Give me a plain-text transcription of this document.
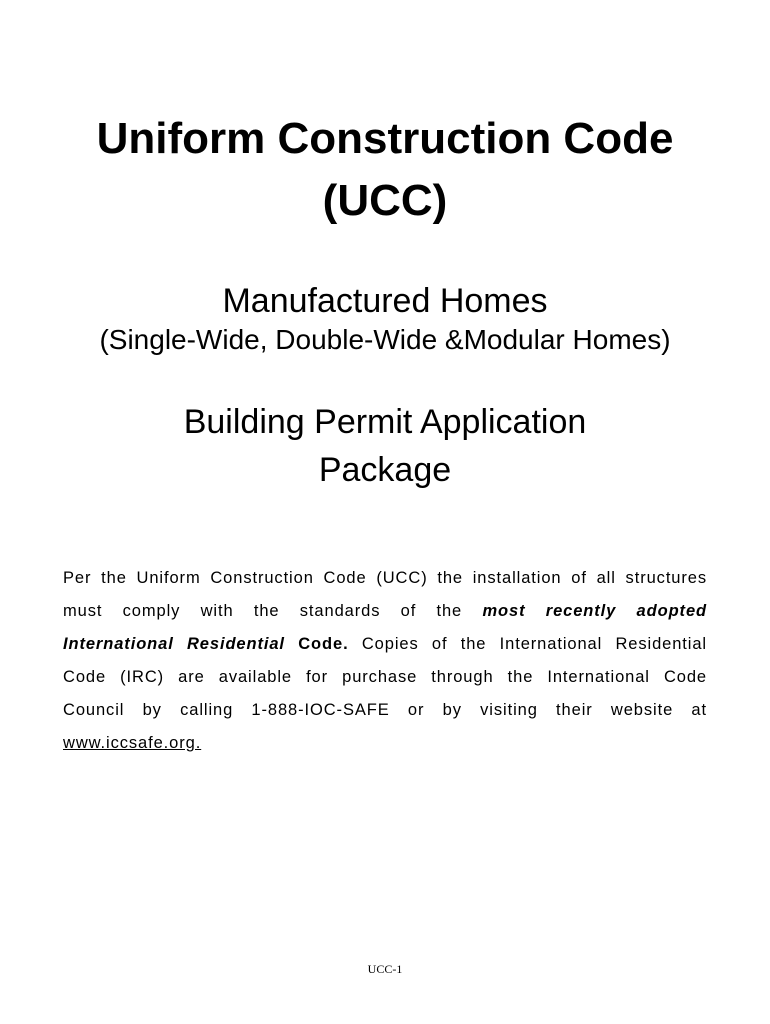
Uniform Construction Code
(UCC)
Manufactured Homes
(Single-Wide, Double-Wide &Modular Homes)
Building Permit Application
Package

Per the Uniform Construction Code (UCC) the installation of all structures must comply with the standards of the most recently adopted International Residential Code. Copies of the International Residential Code (IRC) are available for purchase through the International Code Council by calling 1-888-IOC-SAFE or by visiting their website at www.iccsafe.org.

UCC-1
